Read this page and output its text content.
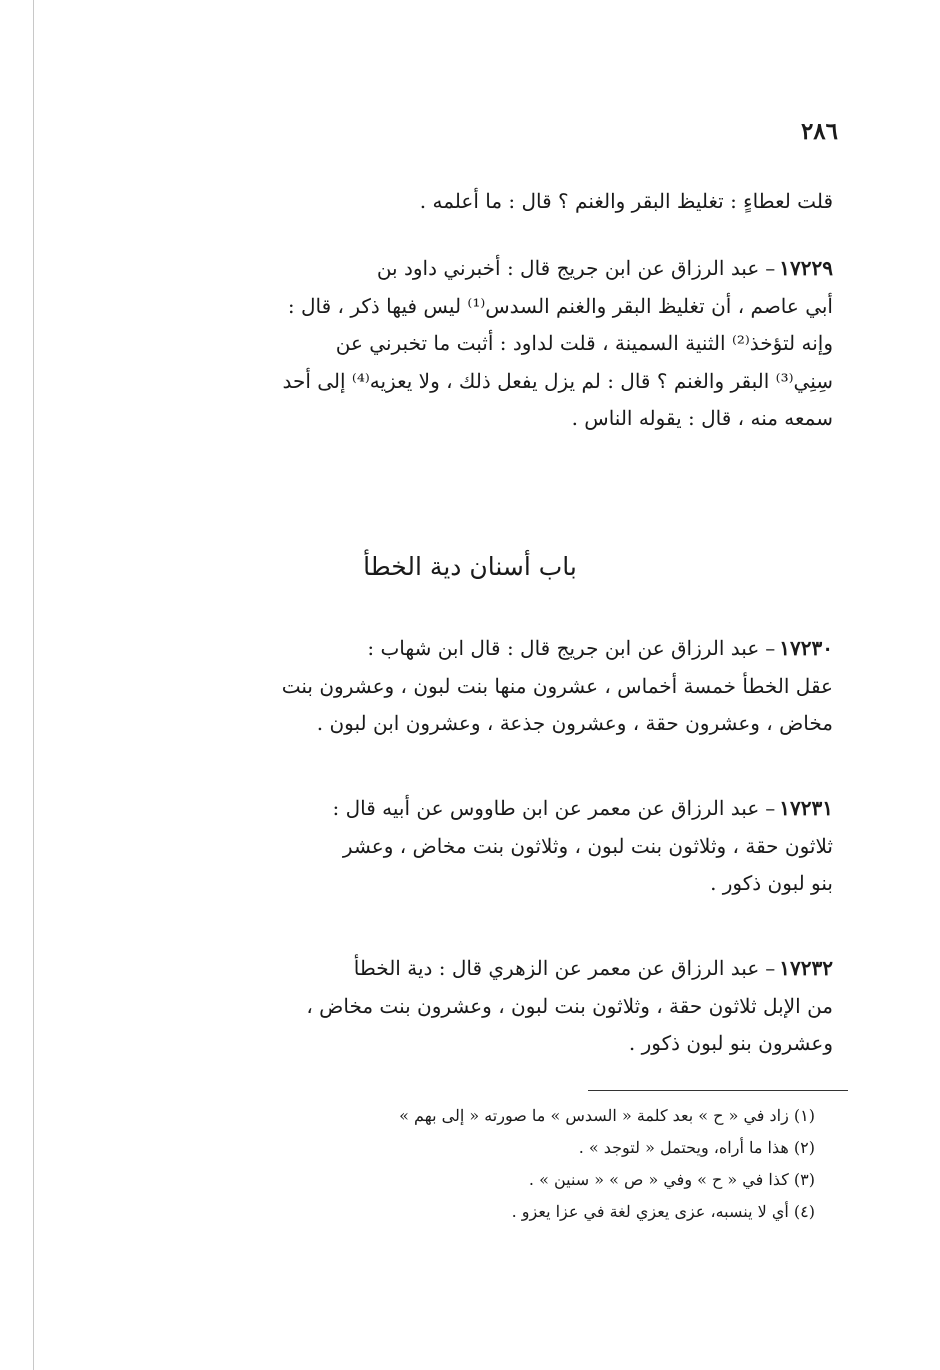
٢٨٦
قلت لعطاءٍ : تغليظ البقر والغنم ؟ قال : ما أعلمه .
١٧٢٢٩–عبد الرزاق عن ابن جريج قال : أخبرني داود بن
أبي عاصم ، أن تغليظ البقر والغنم السدس⁽¹⁾ ليس فيها ذكر ، قال :
وإنه لتؤخذ⁽²⁾ الثنية السمينة ، قلت لداود : أثبت ما تخبرني عن
سِنِي⁽³⁾ البقر والغنم ؟ قال : لم يزل يفعل ذلك ، ولا يعزيه⁽⁴⁾ إلى أحد
سمعه منه ، قال : يقوله الناس .
باب أسنان دية الخطأ
١٧٢٣٠–عبد الرزاق عن ابن جريج قال : قال ابن شهاب :
عقل الخطأ خمسة أخماس ، عشرون منها بنت لبون ، وعشرون بنت
مخاض ، وعشرون حقة ، وعشرون جذعة ، وعشرون ابن لبون .
١٧٢٣١–عبد الرزاق عن معمر عن ابن طاووس عن أبيه قال :
ثلاثون حقة ، وثلاثون بنت لبون ، وثلاثون بنت مخاض ، وعشر
بنو لبون ذكور .
١٧٢٣٢–عبد الرزاق عن معمر عن الزهري قال : دية الخطأ
من الإبل ثلاثون حقة ، وثلاثون بنت لبون ، وعشرون بنت مخاض ،
وعشرون بنو لبون ذكور .
(١) زاد في « ح » بعد كلمة « السدس » ما صورته « إلى بهم »
(٢) هذا ما أراه، ويحتمل « لتوجد » .
(٣) كذا في « ح » وفي « ص » « سنين » .
(٤) أي لا ينسبه، عزى يعزي لغة في عزا يعزو .
